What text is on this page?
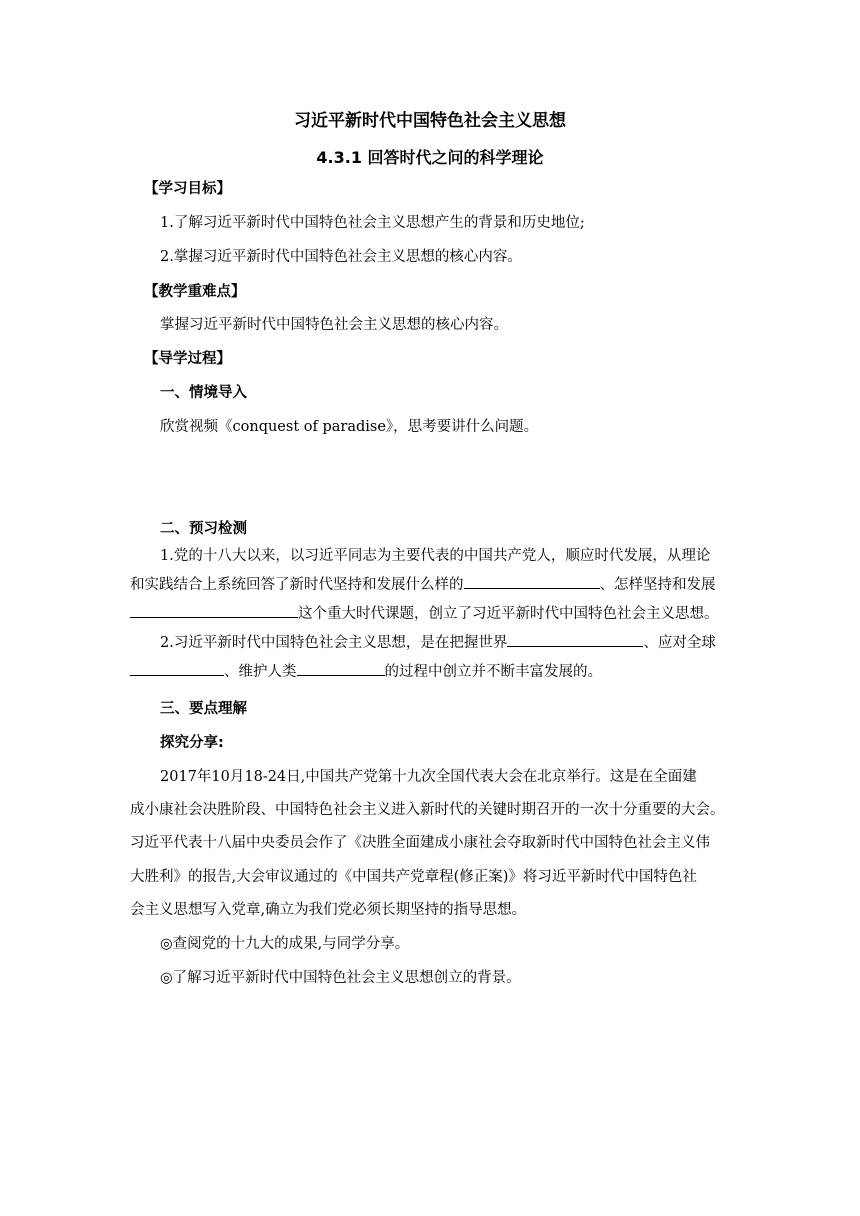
习近平新时代中国特色社会主义思想
4.3.1 回答时代之问的科学理论
【学习目标】
1.了解习近平新时代中国特色社会主义思想产生的背景和历史地位;
2.掌握习近平新时代中国特色社会主义思想的核心内容。
【教学重难点】
掌握习近平新时代中国特色社会主义思想的核心内容。
【导学过程】
一、情境导入
欣赏视频《conquest of paradise》，思考要讲什么问题。
二、预习检测
1.党的十八大以来，以习近平同志为主要代表的中国共产党人，顺应时代发展，从理论
和实践结合上系统回答了新时代坚持和发展什么样的	、怎样坚持和发展
这个重大时代课题，创立了习近平新时代中国特色社会主义思想。
2.习近平新时代中国特色社会主义思想，是在把握世界	、应对全球
、维护人类	的过程中创立并不断丰富发展的。
三、要点理解
探究分享:
2017年10月18-24日,中国共产党第十九次全国代表大会在北京举行。这是在全面建
成小康社会决胜阶段、中国特色社会主义进入新时代的关键时期召开的一次十分重要的大会。
习近平代表十八届中央委员会作了《决胜全面建成小康社会夺取新时代中国特色社会主义伟
大胜利》的报告,大会审议通过的《中国共产党章程(修正案)》将习近平新时代中国特色社
会主义思想写入党章,确立为我们党必须长期坚持的指导思想。
◎查阅党的十九大的成果,与同学分享。
◎了解习近平新时代中国特色社会主义思想创立的背景。
